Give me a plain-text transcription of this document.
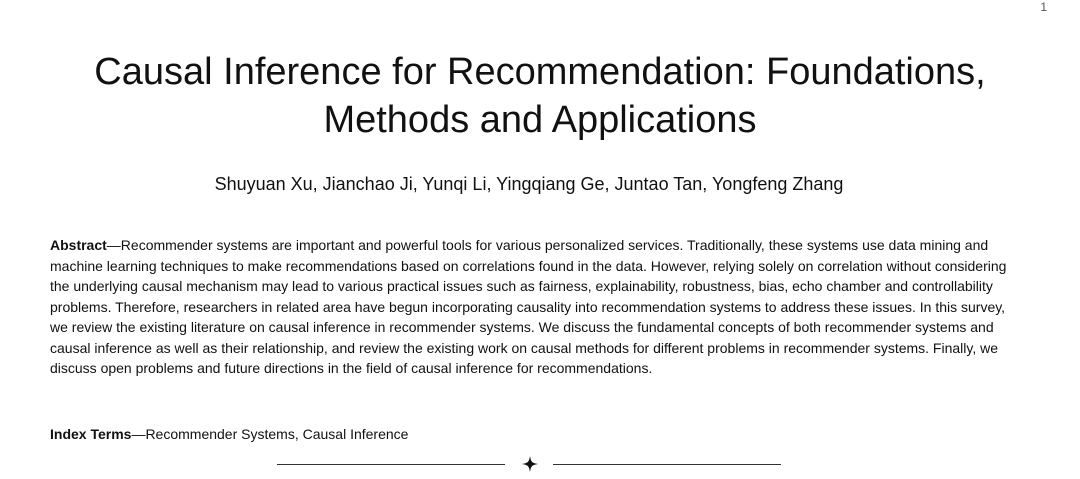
1
Causal Inference for Recommendation: Foundations,
Methods and Applications
Shuyuan Xu, Jianchao Ji, Yunqi Li, Yingqiang Ge, Juntao Tan, Yongfeng Zhang
Abstract—Recommender systems are important and powerful tools for various personalized services. Traditionally, these systems use data mining and machine learning techniques to make recommendations based on correlations found in the data. However, relying solely on correlation without considering the underlying causal mechanism may lead to various practical issues such as fairness, explainability, robustness, bias, echo chamber and controllability problems. Therefore, researchers in related area have begun incorporating causality into recommendation systems to address these issues. In this survey, we review the existing literature on causal inference in recommender systems. We discuss the fundamental concepts of both recommender systems and causal inference as well as their relationship, and review the existing work on causal methods for different problems in recommender systems. Finally, we discuss open problems and future directions in the field of causal inference for recommendations.
Index Terms—Recommender Systems, Causal Inference
